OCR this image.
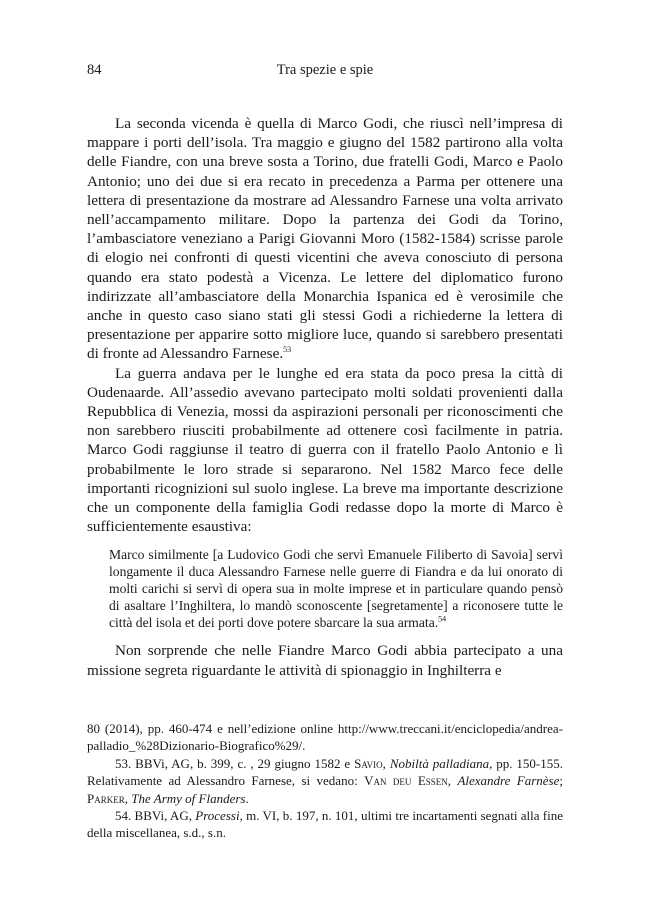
84	Tra spezie e spie

La seconda vicenda è quella di Marco Godi, che riuscì nell’impresa di mappare i porti dell’isola. Tra maggio e giugno del 1582 partirono alla volta delle Fiandre, con una breve sosta a Torino, due fratelli Godi, Marco e Paolo Antonio; uno dei due si era recato in precedenza a Parma per ottenere una lettera di presentazione da mostrare ad Alessandro Farnese una volta arrivato nell’accampamento militare. Dopo la partenza dei Godi da Torino, l’ambasciatore veneziano a Parigi Giovanni Moro (1582-1584) scrisse parole di elogio nei confronti di questi vicentini che aveva conosciuto di persona quando era stato podestà a Vicenza. Le lettere del diplomatico furono indirizzate all’ambasciatore della Monarchia Ispanica ed è verosimile che anche in questo caso siano stati gli stessi Godi a richiederne la lettera di presentazione per apparire sotto migliore luce, quando si sarebbero presentati di fronte ad Alessandro Farnese.$^{53}$

La guerra andava per le lunghe ed era stata da poco presa la città di Oudenaarde. All’assedio avevano partecipato molti soldati provenienti dalla Repubblica di Venezia, mossi da aspirazioni personali per riconoscimenti che non sarebbero riusciti probabilmente ad ottenere così facilmente in patria. Marco Godi raggiunse il teatro di guerra con il fratello Paolo Antonio e lì probabilmente le loro strade si separarono. Nel 1582 Marco fece delle importanti ricognizioni sul suolo inglese. La breve ma importante descrizione che un componente della famiglia Godi redasse dopo la morte di Marco è sufficientemente esaustiva:

Marco similmente [a Ludovico Godi che servì Emanuele Filiberto di Savoia] servì longamente il duca Alessandro Farnese nelle guerre di Fiandra e da lui onorato di molti carichi si servì di opera sua in molte imprese et in particulare quando pensò di asaltare l’Inghiltera, lo mandò sconoscente [segretamente] a riconosere tutte le città del isola et dei porti dove potere sbarcare la sua armata.$^{54}$

Non sorprende che nelle Fiandre Marco Godi abbia partecipato a una missione segreta riguardante le attività di spionaggio in Inghilterra e

80 (2014), pp. 460-474 e nell’edizione online http://www.treccani.it/enciclopedia/andrea-palladio_%28Dizionario-Biografico%29/.

53. BBVi, AG, b. 399, c. , 29 giugno 1582 e Savio, Nobiltà palladiana, pp. 150-155. Relativamente ad Alessandro Farnese, si vedano: Van deu Essen, Alexandre Farnèse; Parker, The Army of Flanders.

54. BBVi, AG, Processi, m. VI, b. 197, n. 101, ultimi tre incartamenti segnati alla fine della miscellanea, s.d., s.n.
